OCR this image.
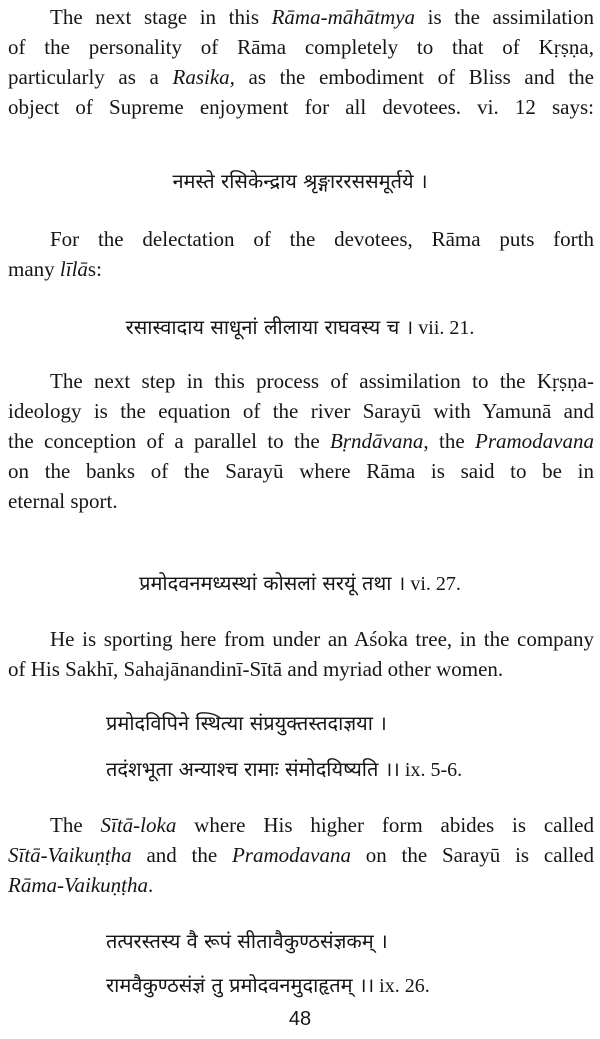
The next stage in this Rāma-māhātmya is the assimilation
of the personality of Rāma completely to that of Kṛṣṇa,
particularly as a Rasika, as the embodiment of Bliss and the
object of Supreme enjoyment for all devotees. vi. 12 says:
नमस्ते रसिकेन्द्राय श्रृङ्गाररससमूर्तये ।
For the delectation of the devotees, Rāma puts forth
many līlās:
रसास्वादाय साधूनां लीलाया राघवस्य च । vii. 21.
The next step in this process of assimilation to the Kṛṣṇa-
ideology is the equation of the river Sarayū with Yamunā and
the conception of a parallel to the Bṛndāvana, the Pramodavana
on the banks of the Sarayū where Rāma is said to be in
eternal sport.
प्रमोदवनमध्यस्थां कोसलां सरयूं तथा । vi. 27.
He is sporting here from under an Aśoka tree, in the company
of His Sakhī, Sahajānandinī-Sītā and myriad other women.
प्रमोदविपिने स्थित्या संप्रयुक्तस्तदाज्ञया ।
तदंशभूता अन्याश्च रामाः संमोदयिष्यति ।। ix. 5-6.
The Sītā-loka where His higher form abides is called
Sītā-Vaikuṇṭha and the Pramodavana on the Sarayū is called
Rāma-Vaikuṇṭha.
तत्परस्तस्य वै रूपं सीतावैकुण्ठसंज्ञकम् ।
रामवैकुण्ठसंज्ञं तु प्रमोदवनमुदाहृतम् ।। ix. 26.
48
